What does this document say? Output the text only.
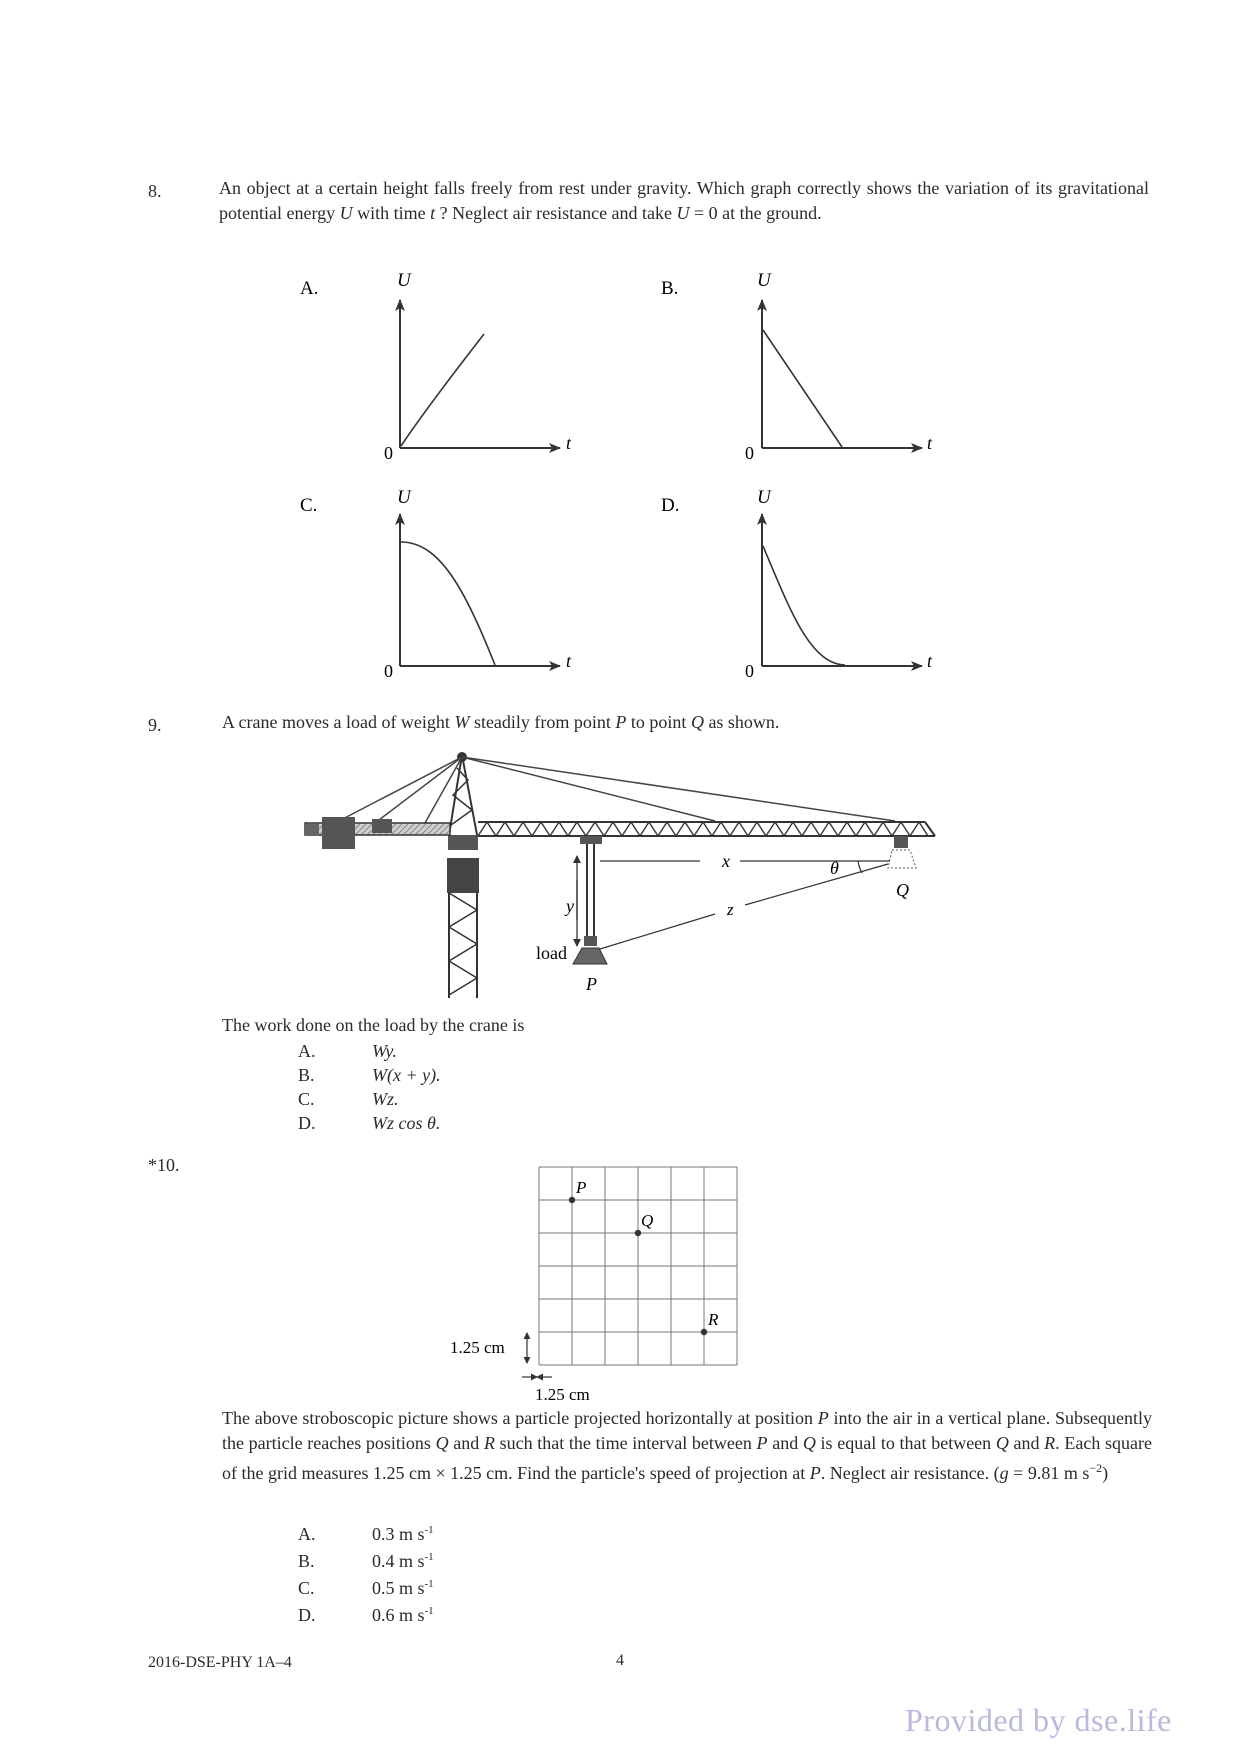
8.	An object at a certain height falls freely from rest under gravity. Which graph correctly shows the variation of its gravitational potential energy U with time t ? Neglect air resistance and take U = 0 at the ground.
A.	U
0	t
B.	U
0	t
C.	U
0	t
D.	U
0	t
9.	A crane moves a load of weight W steadily from point P to point Q as shown.
y
x
z
θ
Q
load
P
The work done on the load by the crane is
A.	Wy.
B.	W(x + y).
C.	Wz.
D.	Wz cos θ.
*10.
P
Q
R
1.25 cm
1.25 cm
The above stroboscopic picture shows a particle projected horizontally at position P into the air in a vertical plane. Subsequently the particle reaches positions Q and R such that the time interval between P and Q is equal to that between Q and R. Each square of the grid measures 1.25 cm × 1.25 cm. Find the particle's speed of projection at P. Neglect air resistance. (g = 9.81 m $s^{-2}$)
A.	0.3 m $s^{-1}$
B.	0.4 m $s^{-1}$
C.	0.5 m $s^{-1}$
D.	0.6 m $s^{-1}$
2016-DSE-PHY 1A–4	4
Provided by dse.life
